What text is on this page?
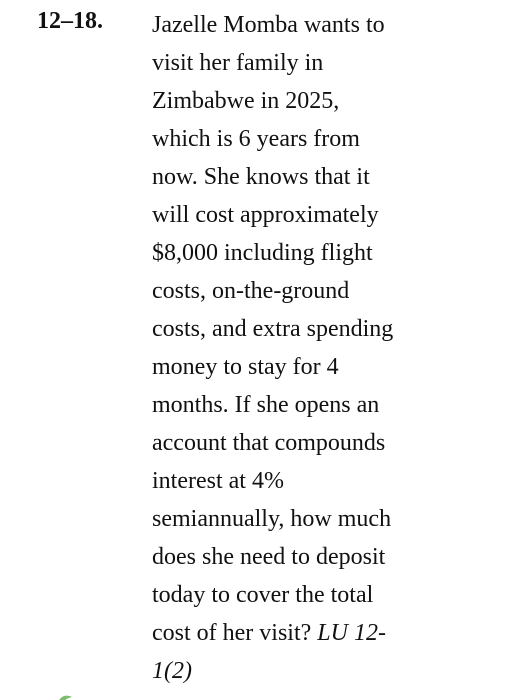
12–18. Jazelle Momba wants to
visit her family in
Zimbabwe in 2025,
which is 6 years from
now. She knows that it
will cost approximately
$8,000 including flight
costs, on-the-ground
costs, and extra spending
money to stay for 4
months. If she opens an
account that compounds
interest at 4%
semiannually, how much
does she need to deposit
today to cover the total
cost of her visit? LU 12-
1(2)
